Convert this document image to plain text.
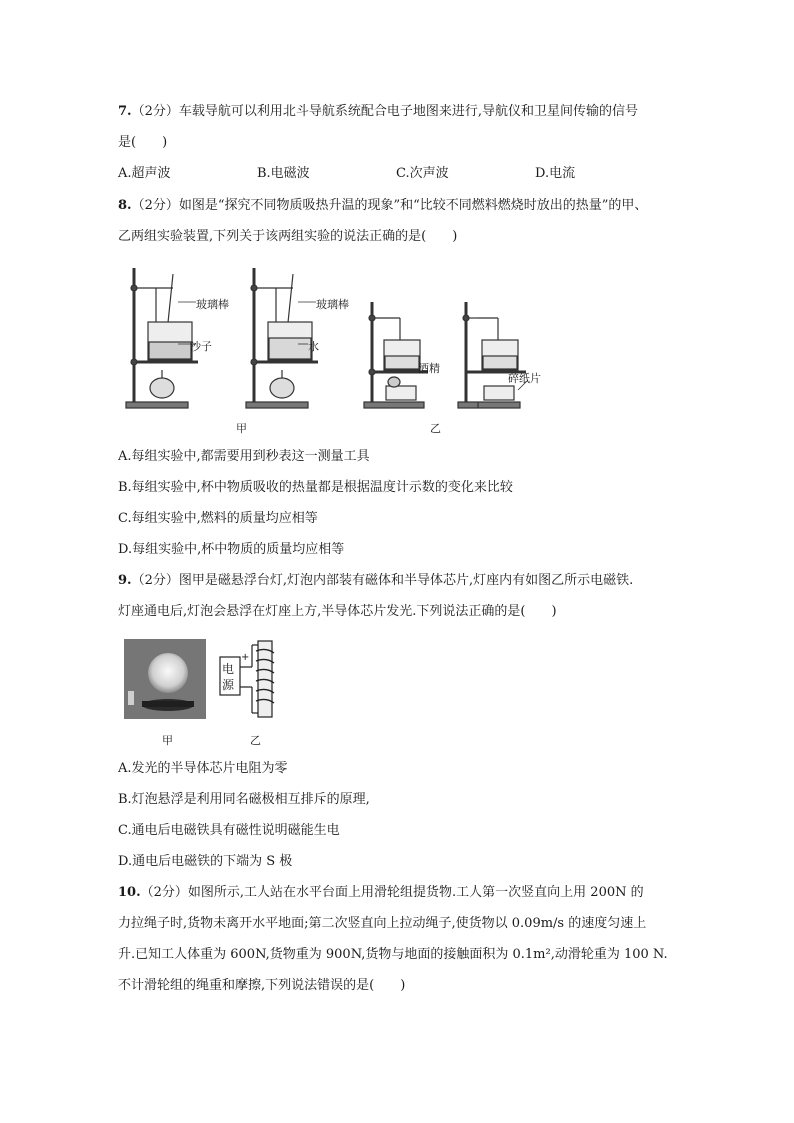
7.（2分）车载导航可以利用北斗导航系统配合电子地图来进行,导航仪和卫星间传输的信号
是(　　)
A.超声波	B.电磁波	C.次声波	D.电流
8.（2分）如图是“探究不同物质吸热升温的现象”和“比较不同燃料燃烧时放出的热量”的甲、
乙两组实验装置,下列关于该两组实验的说法正确的是(　　)
玻璃棒
沙子
玻璃棒
水
酒精
碎纸片
甲	乙
A.每组实验中,都需要用到秒表这一测量工具
B.每组实验中,杯中物质吸收的热量都是根据温度计示数的变化来比较
C.每组实验中,燃料的质量均应相等
D.每组实验中,杯中物质的质量均应相等
9.（2分）图甲是磁悬浮台灯,灯泡内部装有磁体和半导体芯片,灯座内有如图乙所示电磁铁.
灯座通电后,灯泡会悬浮在灯座上方,半导体芯片发光.下列说法正确的是(　　)
电
源
+
−
甲	乙
A.发光的半导体芯片电阻为零
B.灯泡悬浮是利用同名磁极相互排斥的原理,
C.通电后电磁铁具有磁性说明磁能生电
D.通电后电磁铁的下端为 S 极
10.（2分）如图所示,工人站在水平台面上用滑轮组提货物.工人第一次竖直向上用 200N 的
力拉绳子时,货物未离开水平地面;第二次竖直向上拉动绳子,使货物以 0.09m/s 的速度匀速上
升.已知工人体重为 600N,货物重为 900N,货物与地面的接触面积为 0.1m²,动滑轮重为 100 N.
不计滑轮组的绳重和摩擦,下列说法错误的是(　　)
